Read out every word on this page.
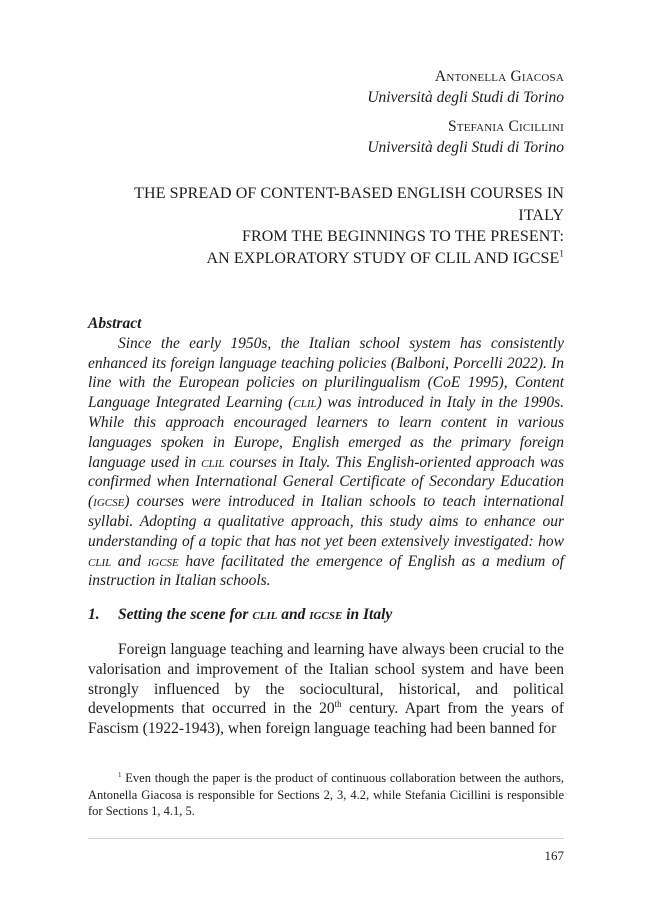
Antonella Giacosa
Università degli Studi di Torino
Stefania Cicillini
Università degli Studi di Torino
THE SPREAD OF CONTENT-BASED ENGLISH COURSES IN ITALY
FROM THE BEGINNINGS TO THE PRESENT:
AN EXPLORATORY STUDY OF CLIL AND IGCSE$^1$
Abstract

Since the early 1950s, the Italian school system has consistently enhanced its foreign language teaching policies (Balboni, Porcelli 2022). In line with the European policies on plurilingualism (CoE 1995), Content Language Integrated Learning (clil) was introduced in Italy in the 1990s. While this approach encouraged learners to learn content in various languages spoken in Europe, English emerged as the primary foreign language used in clil courses in Italy. This English-oriented approach was confirmed when International General Certificate of Secondary Education (igcse) courses were introduced in Italian schools to teach international syllabi. Adopting a qualitative approach, this study aims to enhance our understanding of a topic that has not yet been extensively investigated: how clil and igcse have facilitated the emergence of English as a medium of instruction in Italian schools.

1. Setting the scene for clil and igcse in Italy

Foreign language teaching and learning have always been crucial to the valorisation and improvement of the Italian school system and have been strongly influenced by the sociocultural, historical, and political developments that occurred in the 20th century. Apart from the years of Fascism (1922-1943), when foreign language teaching had been banned for

$^1$ Even though the paper is the product of continuous collaboration between the authors, Antonella Giacosa is responsible for Sections 2, 3, 4.2, while Stefania Cicillini is responsible for Sections 1, 4.1, 5.

167
